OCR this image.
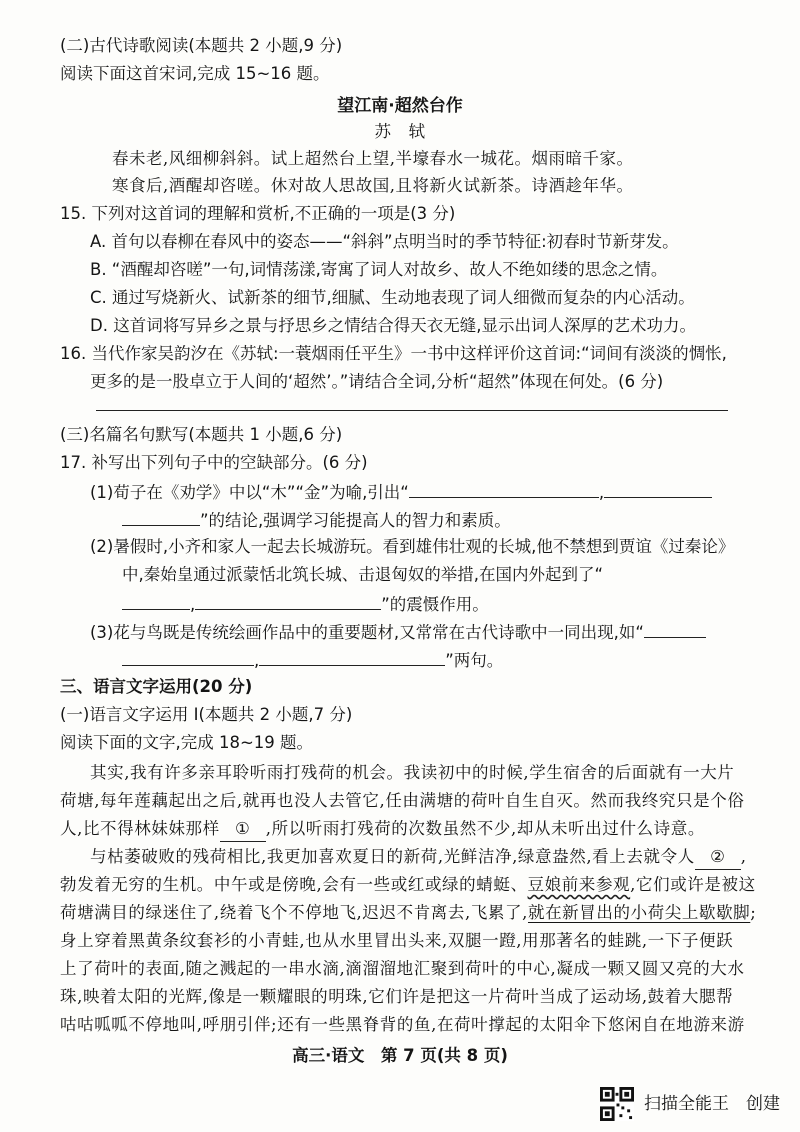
(二)古代诗歌阅读(本题共 2 小题,9 分)
阅读下面这首宋词,完成 15~16 题。
望江南·超然台作
苏　轼
春未老,风细柳斜斜。试上超然台上望,半壕春水一城花。烟雨暗千家。
寒食后,酒醒却咨嗟。休对故人思故国,且将新火试新茶。诗酒趁年华。
15. 下列对这首词的理解和赏析,不正确的一项是(3 分)
A. 首句以春柳在春风中的姿态——“斜斜”点明当时的季节特征:初春时节新芽发。
B. “酒醒却咨嗟”一句,词情荡漾,寄寓了词人对故乡、故人不绝如缕的思念之情。
C. 通过写烧新火、试新茶的细节,细腻、生动地表现了词人细微而复杂的内心活动。
D. 这首词将写异乡之景与抒思乡之情结合得天衣无缝,显示出词人深厚的艺术功力。
16. 当代作家吴韵汐在《苏轼:一蓑烟雨任平生》一书中这样评价这首词:“词间有淡淡的惆怅,
更多的是一股卓立于人间的‘超然’。”请结合全词,分析“超然”体现在何处。(6 分)
(三)名篇名句默写(本题共 1 小题,6 分)
17. 补写出下列句子中的空缺部分。(6 分)
(1)荀子在《劝学》中以“木”“金”为喻,引出“	,
”的结论,强调学习能提高人的智力和素质。
(2)暑假时,小齐和家人一起去长城游玩。看到雄伟壮观的长城,他不禁想到贾谊《过秦论》
中,秦始皇通过派蒙恬北筑长城、击退匈奴的举措,在国内外起到了“
,	”的震慑作用。
(3)花与鸟既是传统绘画作品中的重要题材,又常常在古代诗歌中一同出现,如“
,	”两句。
三、语言文字运用(20 分)
(一)语言文字运用 Ⅰ(本题共 2 小题,7 分)
阅读下面的文字,完成 18~19 题。
其实,我有许多亲耳聆听雨打残荷的机会。我读初中的时候,学生宿舍的后面就有一大片
荷塘,每年莲藕起出之后,就再也没人去管它,任由满塘的荷叶自生自灭。然而我终究只是个俗
人,比不得林妹妹那样 ① ,所以听雨打残荷的次数虽然不少,却从未听出过什么诗意。
与枯萎破败的残荷相比,我更加喜欢夏日的新荷,光鲜洁净,绿意盎然,看上去就令人 ② ,
勃发着无穷的生机。中午或是傍晚,会有一些或红或绿的蜻蜓、豆娘前来参观,它们或许是被这
荷塘满目的绿迷住了,绕着飞个不停地飞,迟迟不肯离去,飞累了,就在新冒出的小荷尖上歇歇脚;
身上穿着黑黄条纹套衫的小青蛙,也从水里冒出头来,双腿一蹬,用那著名的蛙跳,一下子便跃
上了荷叶的表面,随之溅起的一串水滴,滴溜溜地汇聚到荷叶的中心,凝成一颗又圆又亮的大水
珠,映着太阳的光辉,像是一颗耀眼的明珠,它们许是把这一片荷叶当成了运动场,鼓着大腮帮
咕咕呱呱不停地叫,呼朋引伴;还有一些黑脊背的鱼,在荷叶撑起的太阳伞下悠闲自在地游来游
高三·语文　第 7 页(共 8 页)
扫描全能王　创建
